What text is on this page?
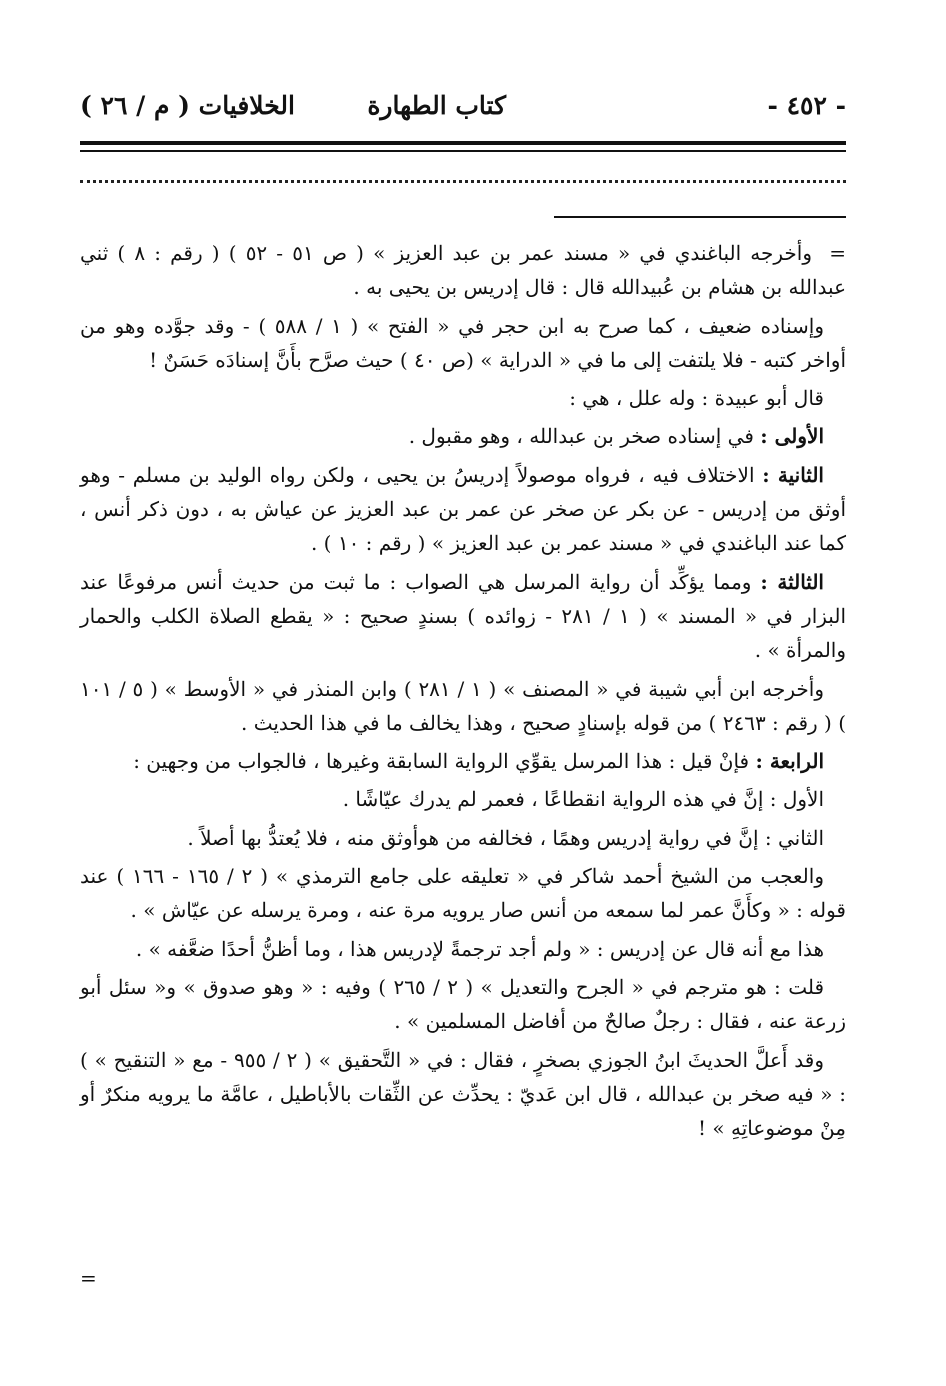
- ٤٥٢ -
كتاب الطهارة
الخلافيات ( م / ٢٦ )

=وأخرجه الباغندي في « مسند عمر بن عبد العزيز » ( ص ٥١ - ٥٢ ) ( رقم : ٨ ) ثني عبدالله بن هشام بن عُبيدالله قال : قال إدريس بن يحيى به .

وإسناده ضعيف ، كما صرح به ابن حجر في « الفتح » ( ١ / ٥٨٨ ) - وقد جوَّده وهو من أواخر كتبه - فلا يلتفت إلى ما في « الدراية » (ص ٤٠ ) حيث صرَّح بأَنَّ إسنادَه حَسَنٌ !

قال أبو عبيدة : وله علل ، هي :

الأولى : في إسناده صخر بن عبدالله ، وهو مقبول .

الثانية : الاختلاف فيه ، فرواه موصولاً إدريسُ بن يحيى ، ولكن رواه الوليد بن مسلم - وهو أوثق من إدريس - عن بكر عن صخر عن عمر بن عبد العزيز عن عياش به ، دون ذكر أنس ، كما عند الباغندي في « مسند عمر بن عبد العزيز » ( رقم : ١٠ ) .

الثالثة : ومما يؤكِّد أن رواية المرسل هي الصواب : ما ثبت من حديث أنس مرفوعًا عند البزار في « المسند » ( ١ / ٢٨١ - زوائده ) بسندٍ صحيح : « يقطع الصلاة الكلب والحمار والمرأة » .

وأخرجه ابن أبي شيبة في « المصنف » ( ١ / ٢٨١ ) وابن المنذر في « الأوسط » ( ٥ / ١٠١ ) ( رقم : ٢٤٦٣ ) من قوله بإسنادٍ صحيح ، وهذا يخالف ما في هذا الحديث .

الرابعة : فإنْ قيل : هذا المرسل يقوِّي الرواية السابقة وغيرها ، فالجواب من وجهين :

الأول : إنَّ في هذه الرواية انقطاعًا ، فعمر لم يدرك عيّاشًا .

الثاني : إنَّ في رواية إدريس وهمًا ، فخالفه من هوأوثق منه ، فلا يُعتدُّ بها أصلاً .

والعجب من الشيخ أحمد شاكر في « تعليقه على جامع الترمذي » ( ٢ / ١٦٥ - ١٦٦ ) عند قوله : « وكأَنَّ عمر لما سمعه من أنس صار يرويه مرة عنه ، ومرة يرسله عن عيّاش » .

هذا مع أنه قال عن إدريس : « ولم أجد ترجمةً لإدريس هذا ، وما أظنُّ أحدًا ضعَّفه » .

قلت : هو مترجم في « الجرح والتعديل » ( ٢ / ٢٦٥ ) وفيه : « وهو صدوق » و« سئل أبو زرعة عنه ، فقال : رجلٌ صالحٌ من أفاضل المسلمين » .

وقد أَعلَّ الحديثَ ابنُ الجوزي بصخرٍ ، فقال : في « التَّحقيق » ( ٢ / ٩٥٥ - مع « التنقيح » ) : « فيه صخر بن عبدالله ، قال ابن عَديّ : يحدِّث عن الثِّقات بالأباطيل ، عامَّة ما يرويه منكرٌ أو مِنْ موضوعاتِهِ » !

=
